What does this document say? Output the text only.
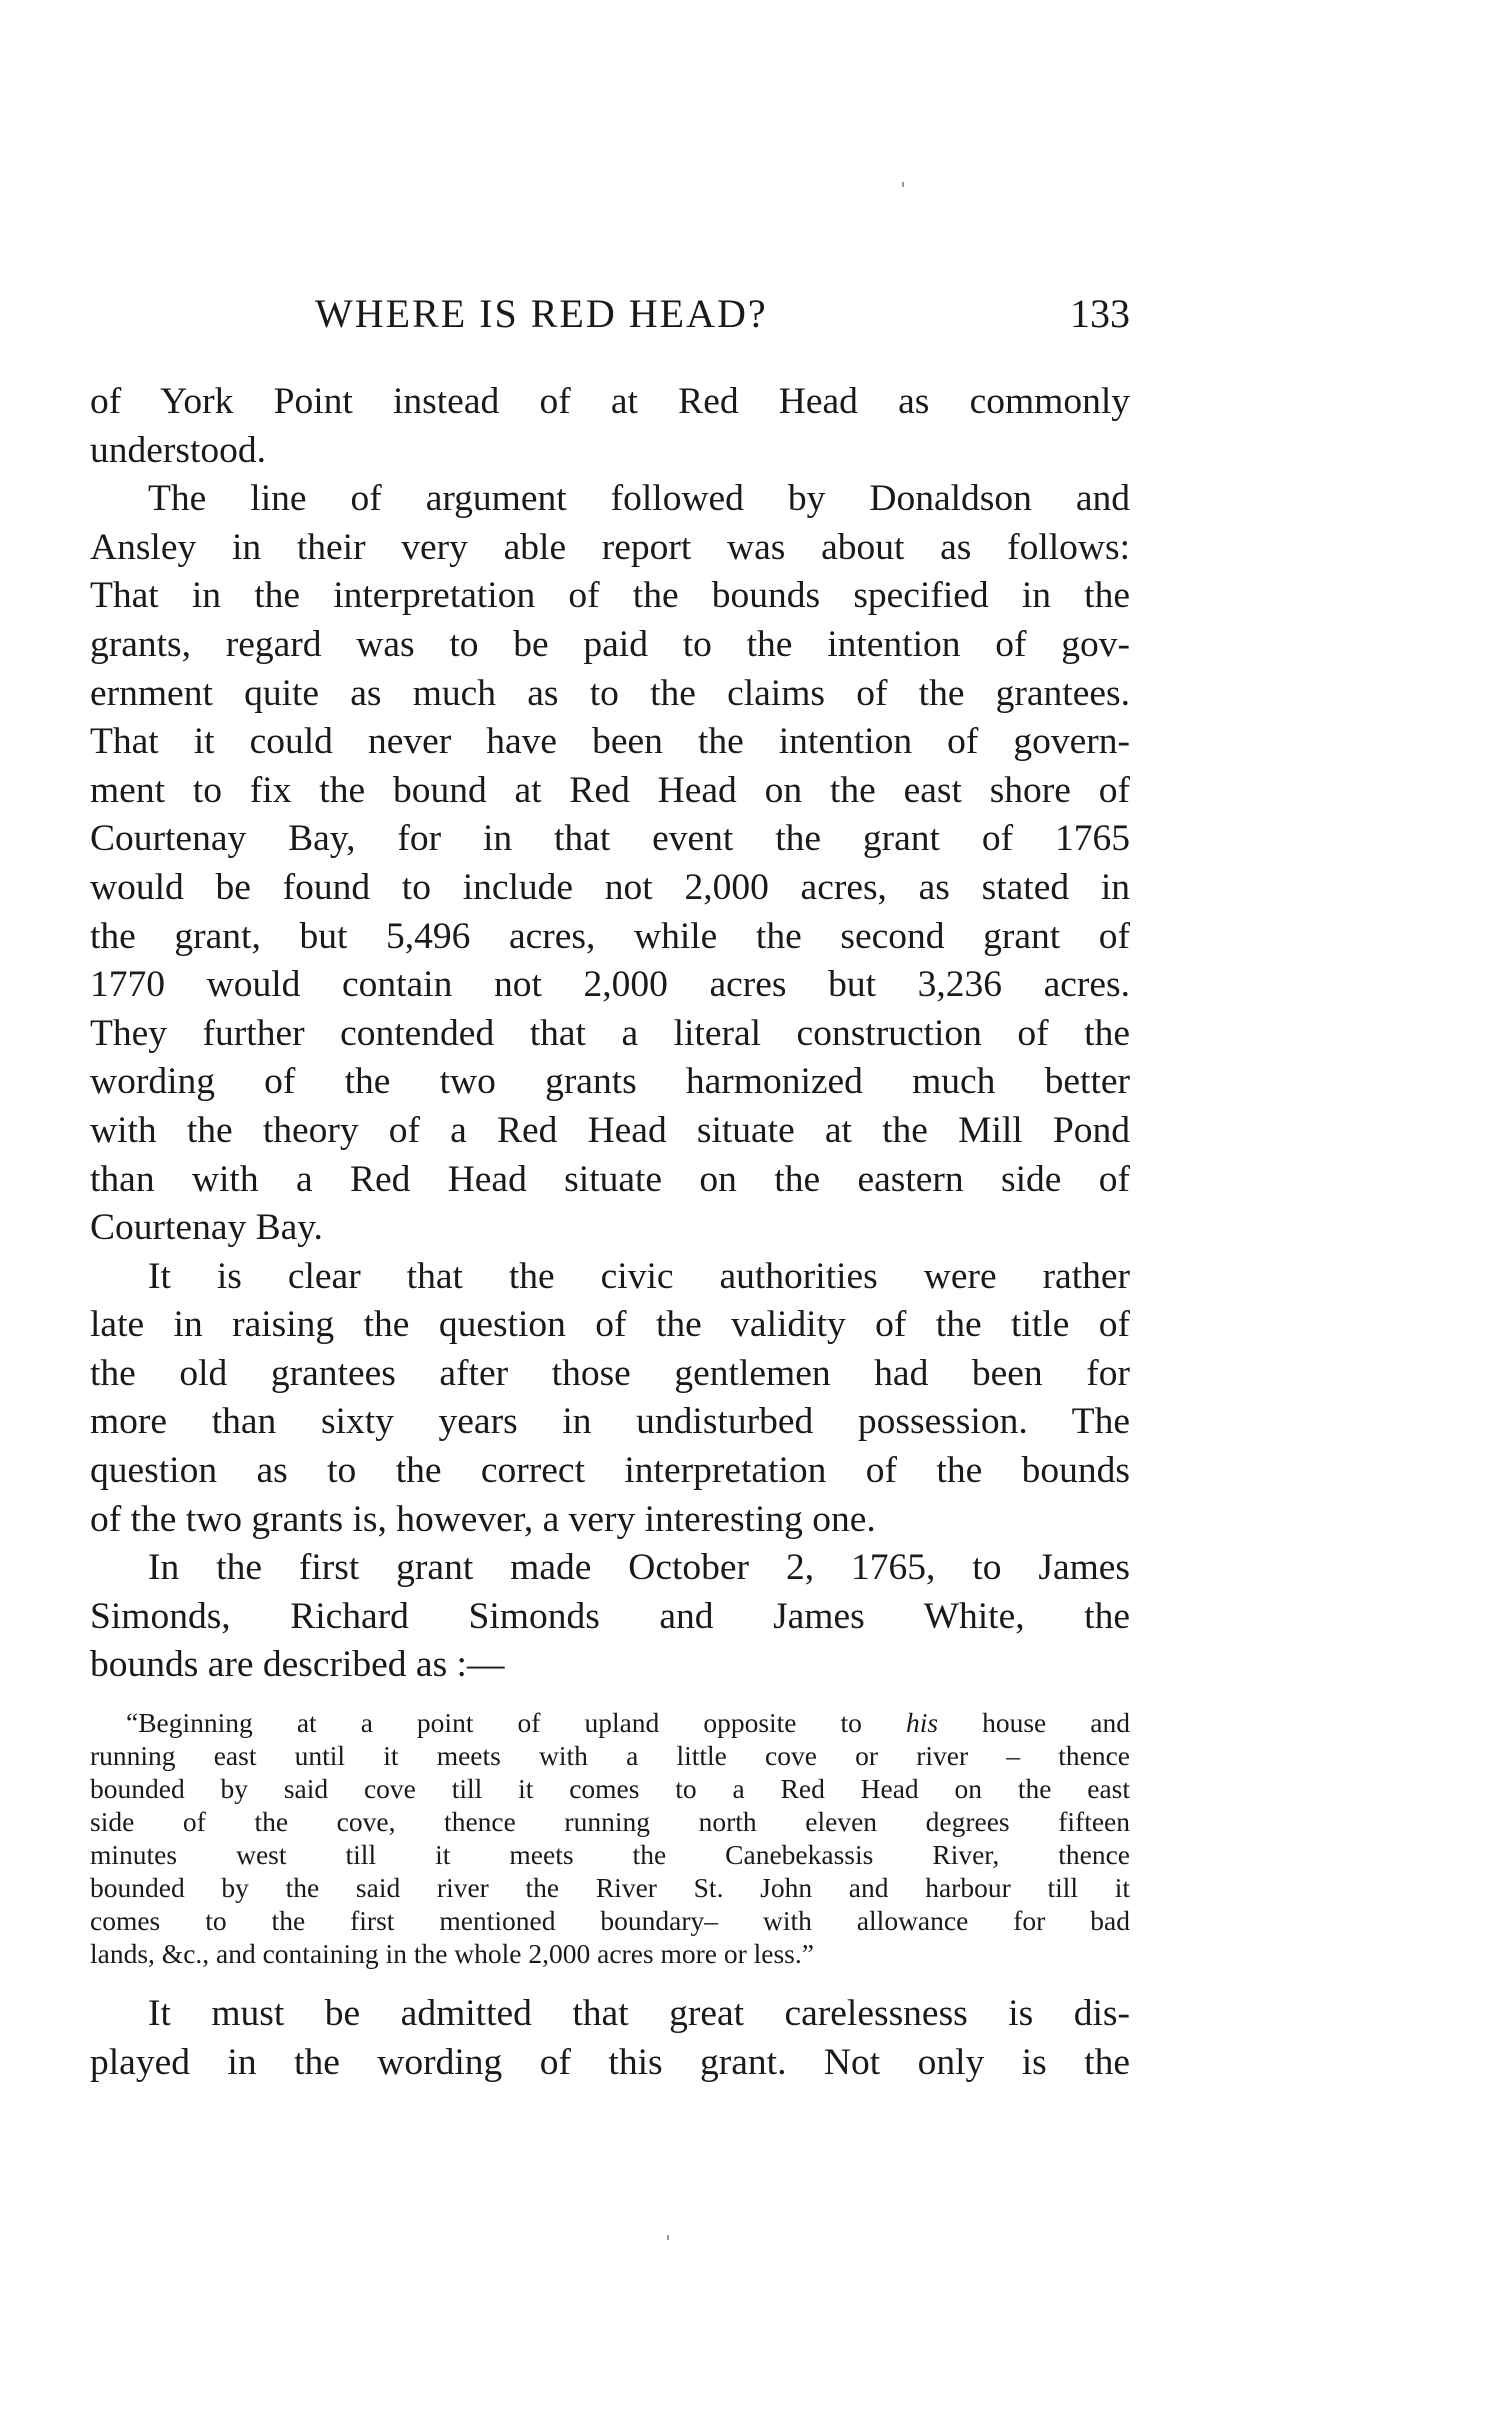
WHERE IS RED HEAD?	133
of York Point instead of at Red Head as commonly
understood.
The line of argument followed by Donaldson and
Ansley in their very able report was about as follows:
That in the interpretation of the bounds specified in the
grants, regard was to be paid to the intention of gov-
ernment quite as much as to the claims of the grantees.
That it could never have been the intention of govern-
ment to fix the bound at Red Head on the east shore of
Courtenay Bay, for in that event the grant of 1765
would be found to include not 2,000 acres, as stated in
the grant, but 5,496 acres, while the second grant of
1770 would contain not 2,000 acres but 3,236 acres.
They further contended that a literal construction of the
wording of the two grants harmonized much better
with the theory of a Red Head situate at the Mill Pond
than with a Red Head situate on the eastern side of
Courtenay Bay.
It is clear that the civic authorities were rather
late in raising the question of the validity of the title of
the old grantees after those gentlemen had been for
more than sixty years in undisturbed possession. The
question as to the correct interpretation of the bounds
of the two grants is, however, a very interesting one.
In the first grant made October 2, 1765, to James
Simonds, Richard Simonds and James White, the
bounds are described as :—
“Beginning at a point of upland opposite to his house and
running east until it meets with a little cove or river – thence
bounded by said cove till it comes to a Red Head on the east
side of the cove, thence running north eleven degrees fifteen
minutes west till it meets the Canebekassis River, thence
bounded by the said river the River St. John and harbour till it
comes to the first mentioned boundary– with allowance for bad
lands, &c., and containing in the whole 2,000 acres more or less.”
It must be admitted that great carelessness is dis-
played in the wording of this grant. Not only is the
